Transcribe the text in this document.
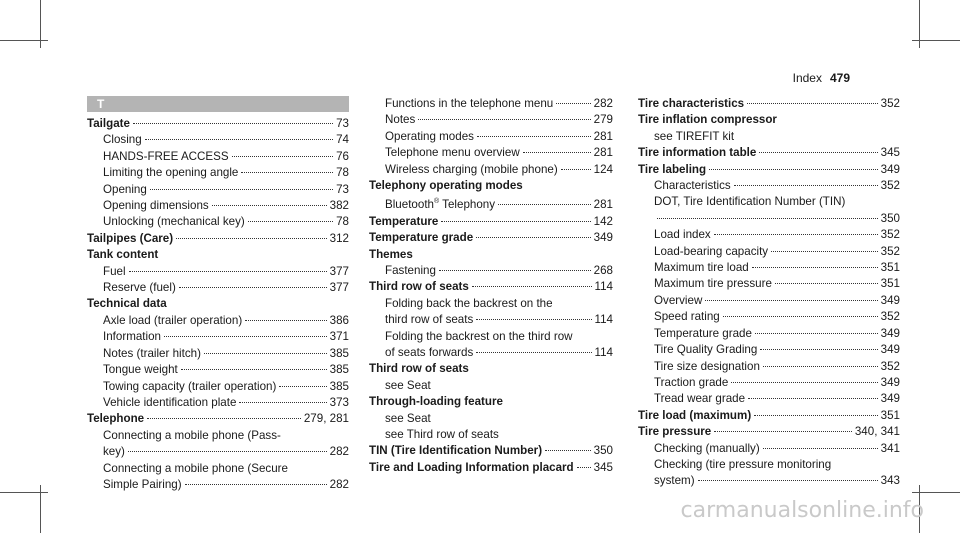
Index 479
T
Tailgate	73
Closing	74
HANDS-FREE ACCESS	76
Limiting the opening angle	78
Opening	73
Opening dimensions	382
Unlocking (mechanical key)	78
Tailpipes (Care)	312
Tank content
Fuel	377
Reserve (fuel)	377
Technical data
Axle load (trailer operation)	386
Information	371
Notes (trailer hitch)	385
Tongue weight	385
Towing capacity (trailer operation)	385
Vehicle identification plate	373
Telephone	279, 281
Connecting a mobile phone (Pass-
key)	282
Connecting a mobile phone (Secure
Simple Pairing)	282
Functions in the telephone menu	282
Notes	279
Operating modes	281
Telephone menu overview	281
Wireless charging (mobile phone)	124
Telephony operating modes
Bluetooth® Telephony	281
Temperature	142
Temperature grade	349
Themes
Fastening	268
Third row of seats	114
Folding back the backrest on the
third row of seats	114
Folding the backrest on the third row
of seats forwards	114
Third row of seats
see Seat
Through-loading feature
see Seat
see Third row of seats
TIN (Tire Identification Number)	350
Tire and Loading Information placard 345
Tire characteristics	352
Tire inflation compressor
see TIREFIT kit
Tire information table	345
Tire labeling	349
Characteristics	352
DOT, Tire Identification Number (TIN)
350
Load index	352
Load-bearing capacity	352
Maximum tire load	351
Maximum tire pressure	351
Overview	349
Speed rating	352
Temperature grade	349
Tire Quality Grading	349
Tire size designation	352
Traction grade	349
Tread wear grade	349
Tire load (maximum)	351
Tire pressure	340, 341
Checking (manually)	341
Checking (tire pressure monitoring
system)	343
carmanualsonline.info
